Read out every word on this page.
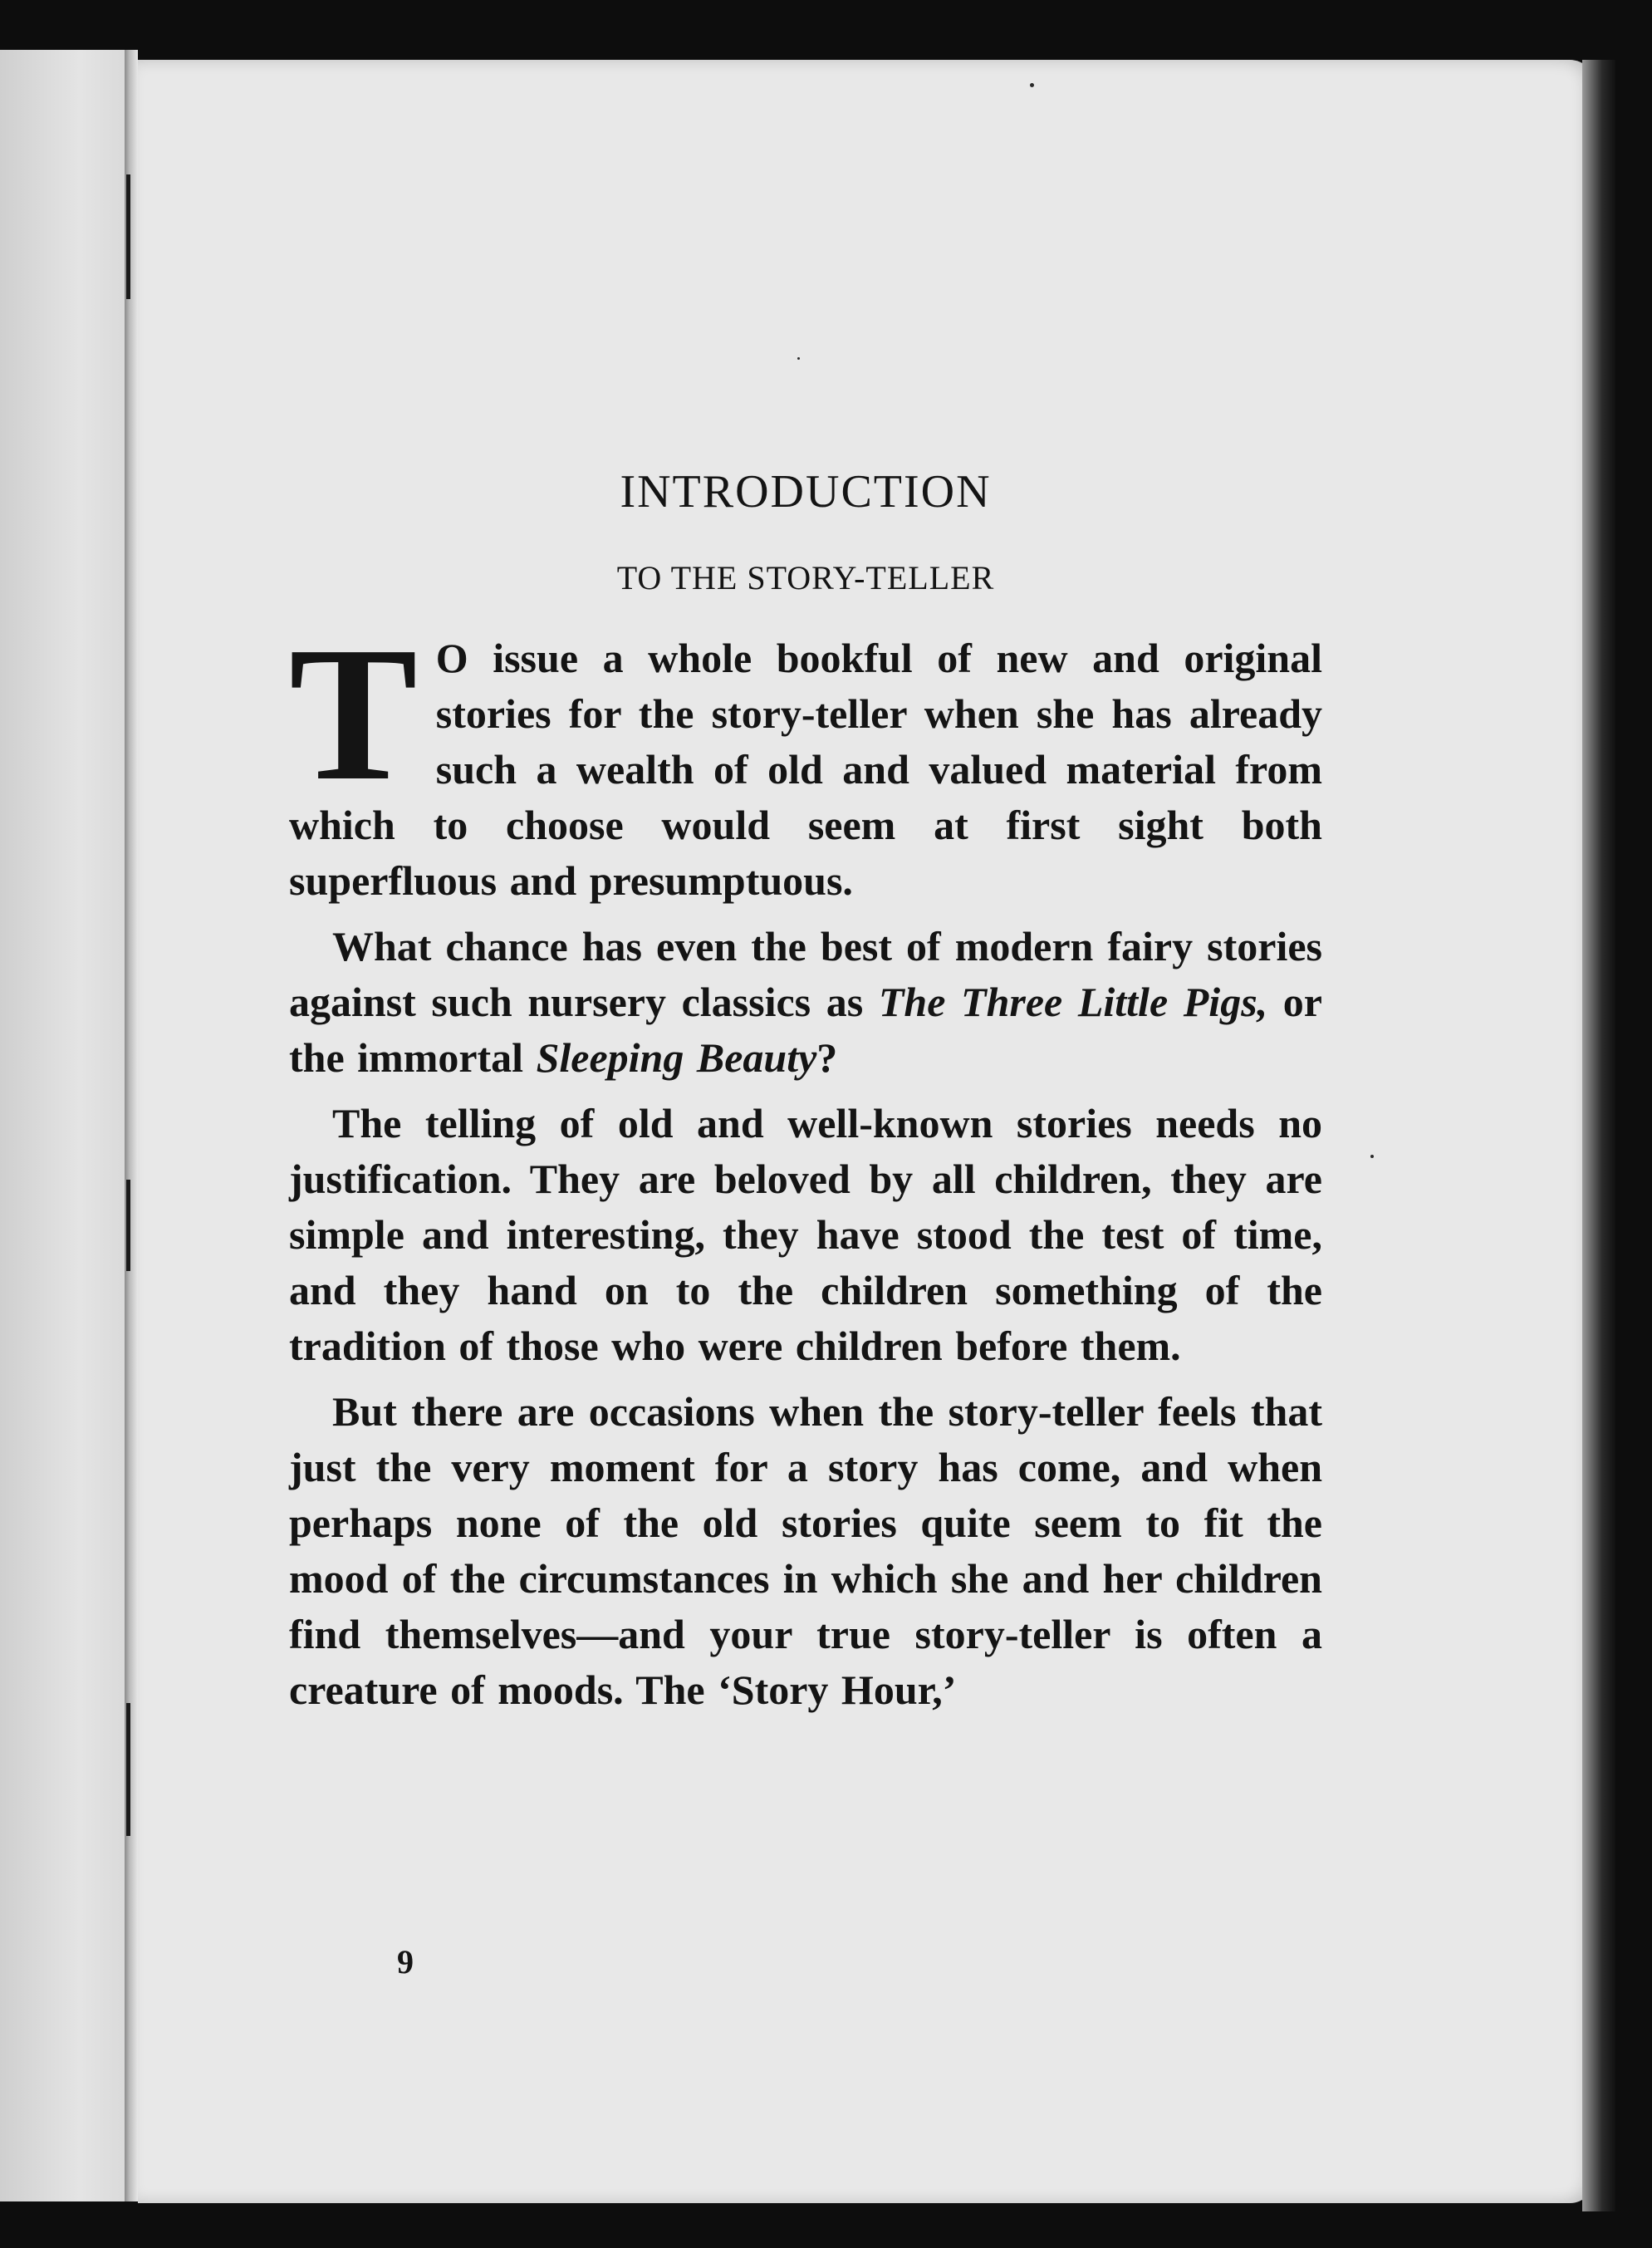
INTRODUCTION
TO THE STORY-TELLER

T O issue a whole bookful of new and original stories for the story-teller when she has already such a wealth of old and valued material from which to choose would seem at first sight both superfluous and presumptuous.

What chance has even the best of modern fairy stories against such nursery classics as The Three Little Pigs, or the immortal Sleeping Beauty?

The telling of old and well-known stories needs no justification. They are beloved by all children, they are simple and interesting, they have stood the test of time, and they hand on to the children something of the tradition of those who were children before them.

But there are occasions when the story-teller feels that just the very moment for a story has come, and when perhaps none of the old stories quite seem to fit the mood of the circumstances in which she and her children find themselves—and your true story-teller is often a creature of moods. The ‘Story Hour,’

9
